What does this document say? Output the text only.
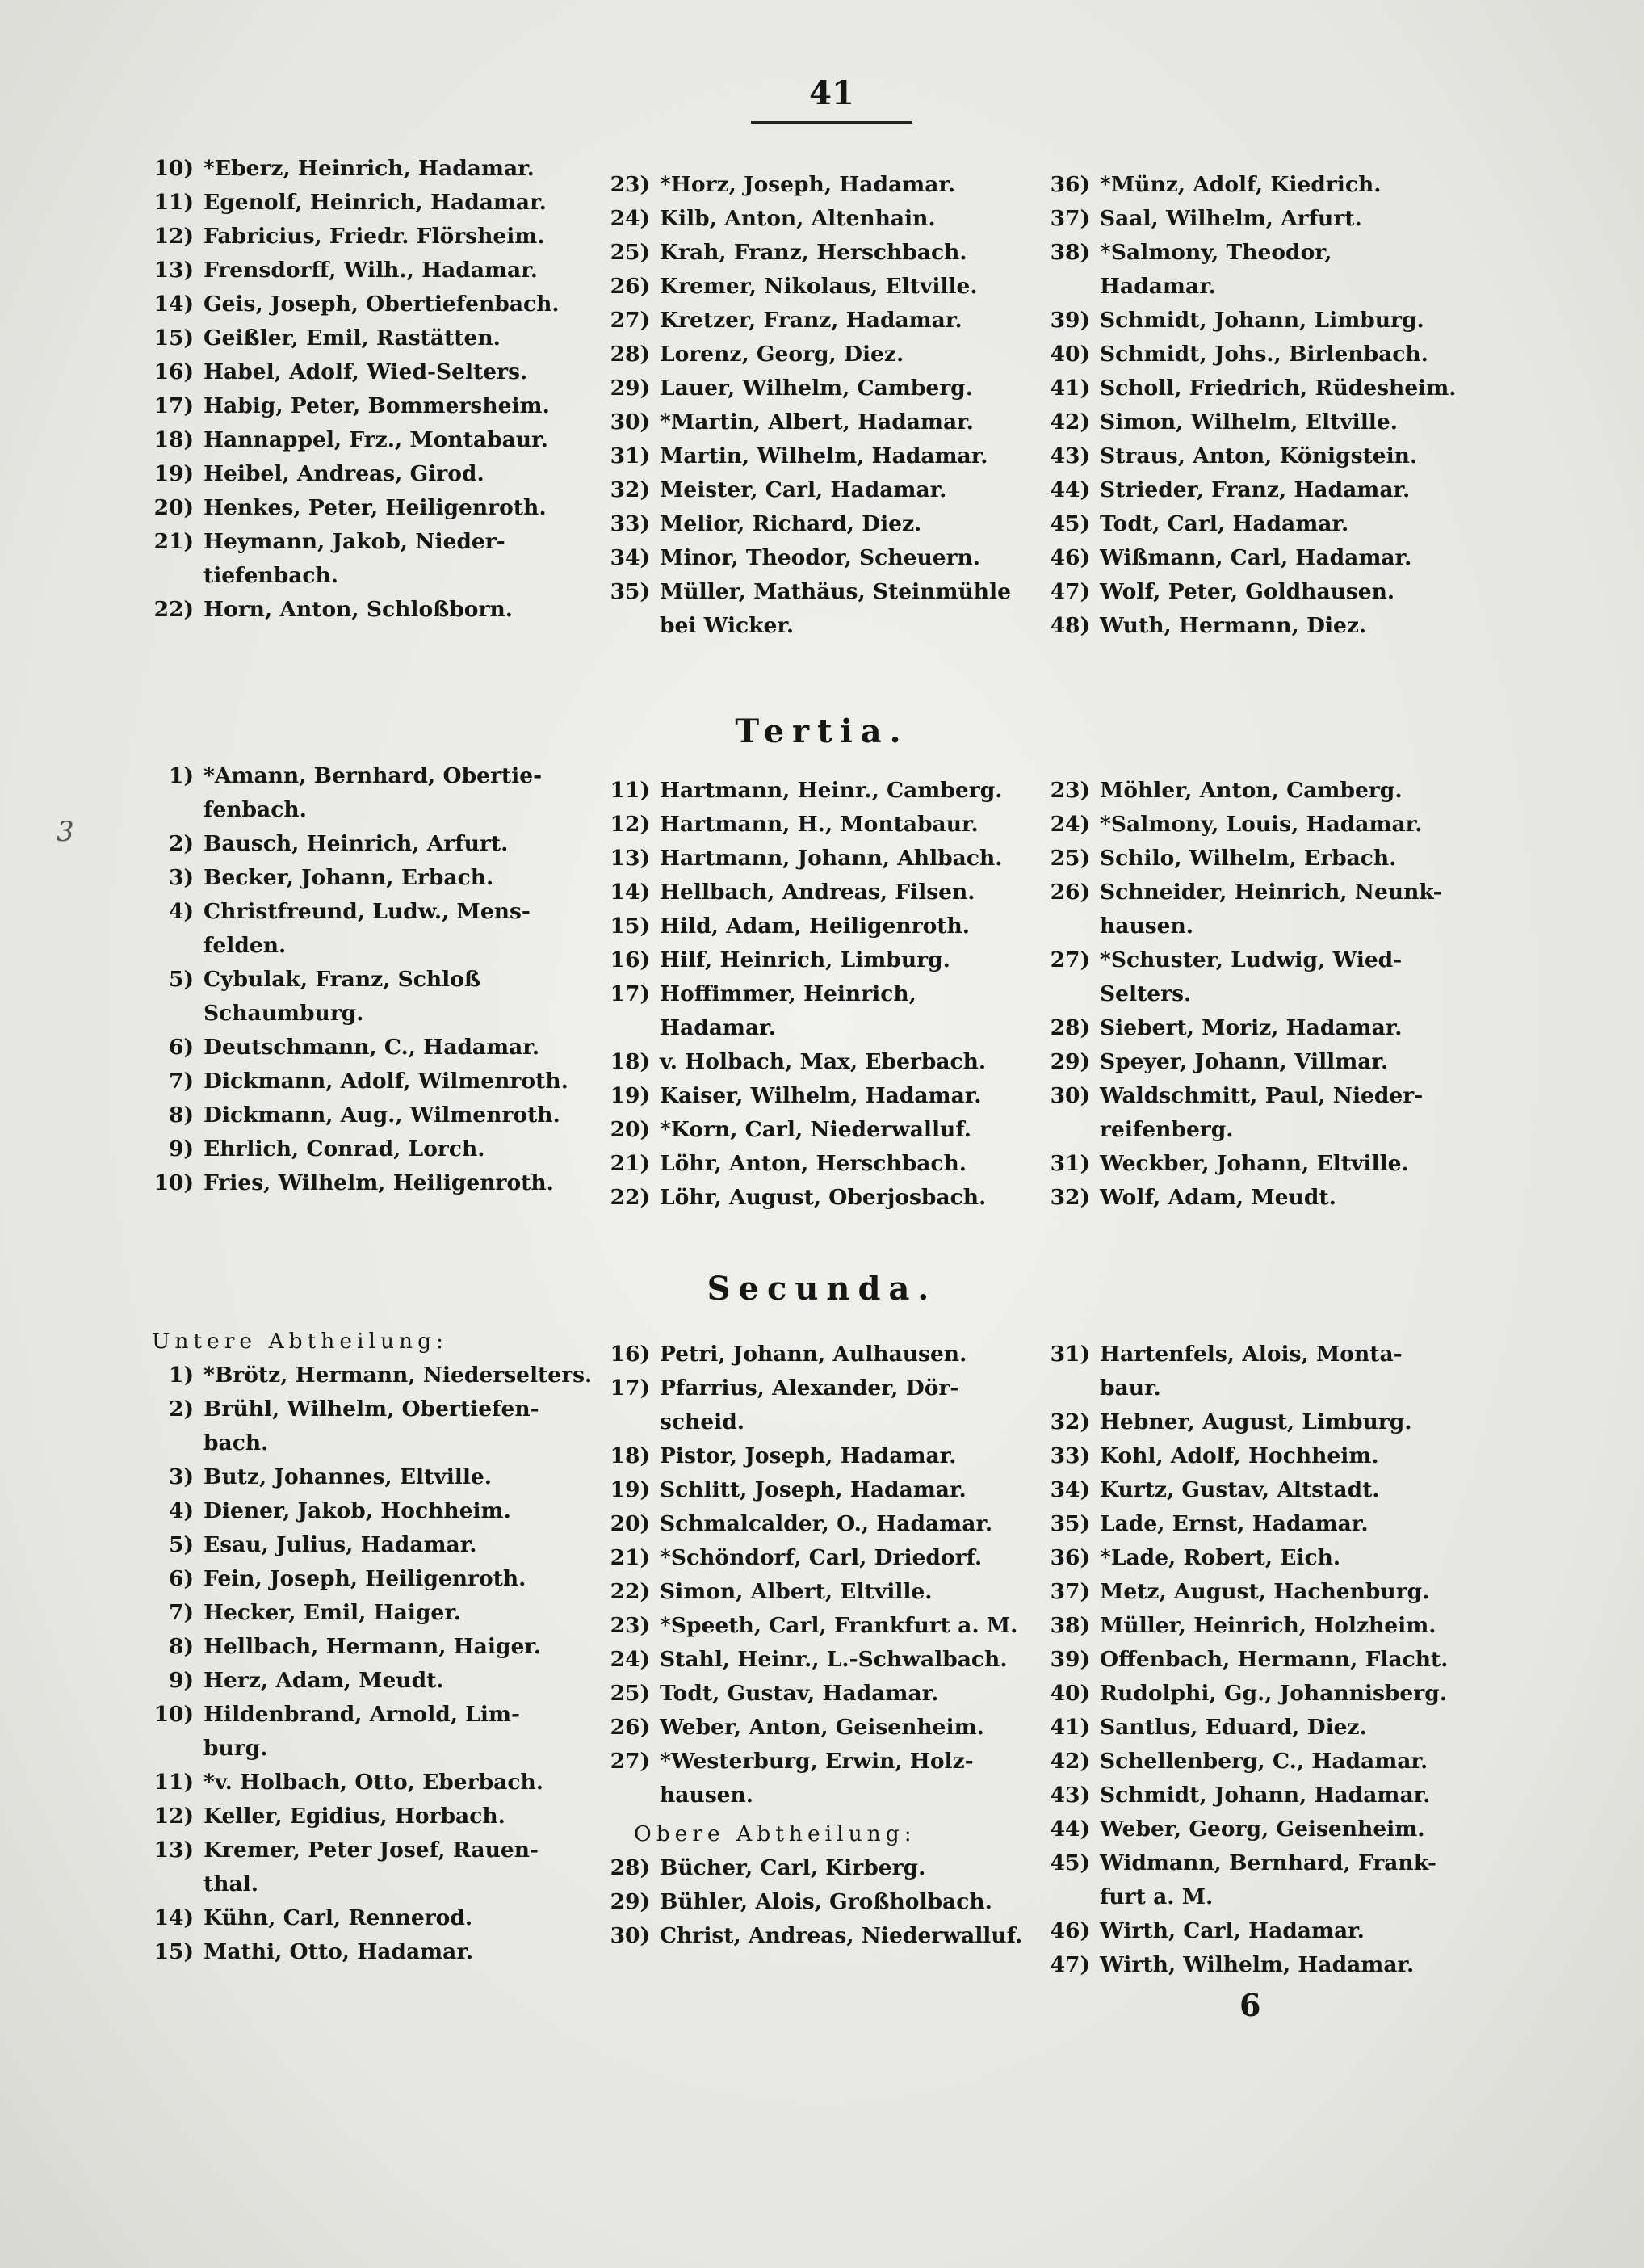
41
10) *Eberz, Heinrich, Hadamar.
11) Egenolf, Heinrich, Hadamar.
12) Fabricius, Friedr. Flörsheim.
13) Frensdorff, Wilh., Hadamar.
14) Geis, Joseph, Obertiefenbach.
15) Geißler, Emil, Rastätten.
16) Habel, Adolf, Wied-Selters.
17) Habig, Peter, Bommersheim.
18) Hannappel, Frz., Montabaur.
19) Heibel, Andreas, Girod.
20) Henkes, Peter, Heiligenroth.
21) Heymann, Jakob, Nieder-
tiefenbach.
22) Horn, Anton, Schloßborn.
23) *Horz, Joseph, Hadamar.
24) Kilb, Anton, Altenhain.
25) Krah, Franz, Herschbach.
26) Kremer, Nikolaus, Eltville.
27) Kretzer, Franz, Hadamar.
28) Lorenz, Georg, Diez.
29) Lauer, Wilhelm, Camberg.
30) *Martin, Albert, Hadamar.
31) Martin, Wilhelm, Hadamar.
32) Meister, Carl, Hadamar.
33) Melior, Richard, Diez.
34) Minor, Theodor, Scheuern.
35) Müller, Mathäus, Steinmühle
bei Wicker.
36) *Münz, Adolf, Kiedrich.
37) Saal, Wilhelm, Arfurt.
38) *Salmony, Theodor,
Hadamar.
39) Schmidt, Johann, Limburg.
40) Schmidt, Johs., Birlenbach.
41) Scholl, Friedrich, Rüdesheim.
42) Simon, Wilhelm, Eltville.
43) Straus, Anton, Königstein.
44) Strieder, Franz, Hadamar.
45) Todt, Carl, Hadamar.
46) Wißmann, Carl, Hadamar.
47) Wolf, Peter, Goldhausen.
48) Wuth, Hermann, Diez.
Tertia.
1) *Amann, Bernhard, Obertie-
fenbach.
2) Bausch, Heinrich, Arfurt.
3) Becker, Johann, Erbach.
4) Christfreund, Ludw., Mens-
felden.
5) Cybulak, Franz, Schloß
Schaumburg.
6) Deutschmann, C., Hadamar.
7) Dickmann, Adolf, Wilmenroth.
8) Dickmann, Aug., Wilmenroth.
9) Ehrlich, Conrad, Lorch.
10) Fries, Wilhelm, Heiligenroth.
11) Hartmann, Heinr., Camberg.
12) Hartmann, H., Montabaur.
13) Hartmann, Johann, Ahlbach.
14) Hellbach, Andreas, Filsen.
15) Hild, Adam, Heiligenroth.
16) Hilf, Heinrich, Limburg.
17) Hoffimmer, Heinrich,
Hadamar.
18) v. Holbach, Max, Eberbach.
19) Kaiser, Wilhelm, Hadamar.
20) *Korn, Carl, Niederwalluf.
21) Löhr, Anton, Herschbach.
22) Löhr, August, Oberjosbach.
23) Möhler, Anton, Camberg.
24) *Salmony, Louis, Hadamar.
25) Schilo, Wilhelm, Erbach.
26) Schneider, Heinrich, Neunk-
hausen.
27) *Schuster, Ludwig, Wied-
Selters.
28) Siebert, Moriz, Hadamar.
29) Speyer, Johann, Villmar.
30) Waldschmitt, Paul, Nieder-
reifenberg.
31) Weckber, Johann, Eltville.
32) Wolf, Adam, Meudt.
Secunda.
Untere Abtheilung:
1) *Brötz, Hermann, Niederselters.
2) Brühl, Wilhelm, Obertiefen-
bach.
3) Butz, Johannes, Eltville.
4) Diener, Jakob, Hochheim.
5) Esau, Julius, Hadamar.
6) Fein, Joseph, Heiligenroth.
7) Hecker, Emil, Haiger.
8) Hellbach, Hermann, Haiger.
9) Herz, Adam, Meudt.
10) Hildenbrand, Arnold, Lim-
burg.
11) *v. Holbach, Otto, Eberbach.
12) Keller, Egidius, Horbach.
13) Kremer, Peter Josef, Rauen-
thal.
14) Kühn, Carl, Rennerod.
15) Mathi, Otto, Hadamar.
16) Petri, Johann, Aulhausen.
17) Pfarrius, Alexander, Dör-
scheid.
18) Pistor, Joseph, Hadamar.
19) Schlitt, Joseph, Hadamar.
20) Schmalcalder, O., Hadamar.
21) *Schöndorf, Carl, Driedorf.
22) Simon, Albert, Eltville.
23) *Speeth, Carl, Frankfurt a. M.
24) Stahl, Heinr., L.-Schwalbach.
25) Todt, Gustav, Hadamar.
26) Weber, Anton, Geisenheim.
27) *Westerburg, Erwin, Holz-
hausen.
Obere Abtheilung:
28) Bücher, Carl, Kirberg.
29) Bühler, Alois, Großholbach.
30) Christ, Andreas, Niederwalluf.
31) Hartenfels, Alois, Monta-
baur.
32) Hebner, August, Limburg.
33) Kohl, Adolf, Hochheim.
34) Kurtz, Gustav, Altstadt.
35) Lade, Ernst, Hadamar.
36) *Lade, Robert, Eich.
37) Metz, August, Hachenburg.
38) Müller, Heinrich, Holzheim.
39) Offenbach, Hermann, Flacht.
40) Rudolphi, Gg., Johannisberg.
41) Santlus, Eduard, Diez.
42) Schellenberg, C., Hadamar.
43) Schmidt, Johann, Hadamar.
44) Weber, Georg, Geisenheim.
45) Widmann, Bernhard, Frank-
furt a. M.
46) Wirth, Carl, Hadamar.
47) Wirth, Wilhelm, Hadamar.
6
3
